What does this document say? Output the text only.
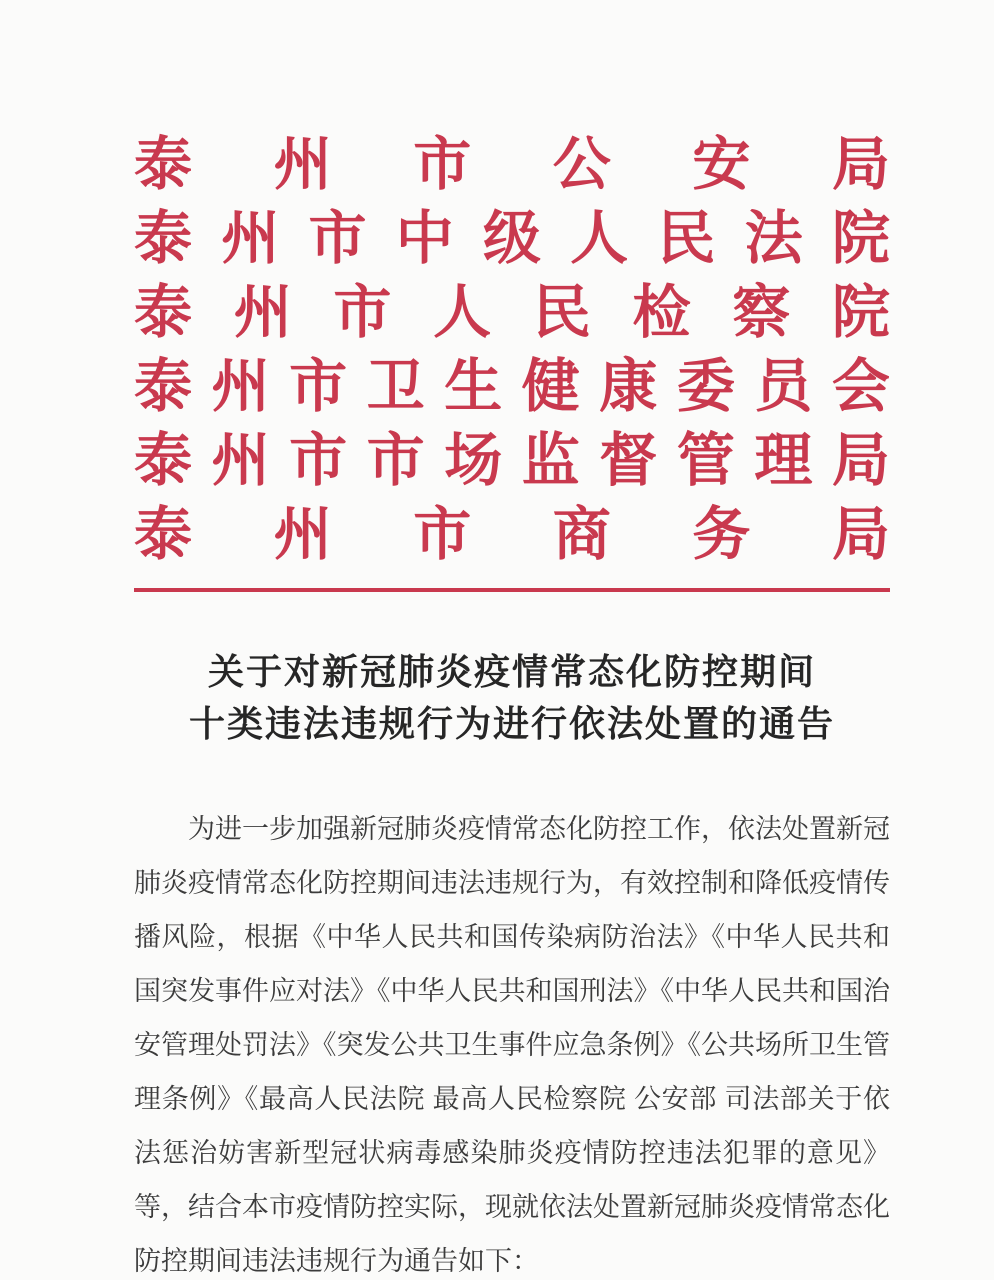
泰 州 市 公 安 局
泰 州 市 中 级 人 民 法 院
泰 州 市 人 民 检 察 院
泰 州 市 卫 生 健 康 委 员 会
泰 州 市 市 场 监 督 管 理 局
泰 州 市 商 务 局
关于对新冠肺炎疫情常态化防控期间
十类违法违规行为进行依法处置的通告

为进一步加强新冠肺炎疫情常态化防控工作，依法处置新冠肺炎疫情常态化防控期间违法违规行为，有效控制和降低疫情传播风险，根据《中华人民共和国传染病防治法》《中华人民共和国突发事件应对法》《中华人民共和国刑法》《中华人民共和国治安管理处罚法》《突发公共卫生事件应急条例》《公共场所卫生管理条例》《最高人民法院 最高人民检察院 公安部 司法部关于依法惩治妨害新型冠状病毒感染肺炎疫情防控违法犯罪的意见》等，结合本市疫情防控实际，现就依法处置新冠肺炎疫情常态化防控期间违法违规行为通告如下：
